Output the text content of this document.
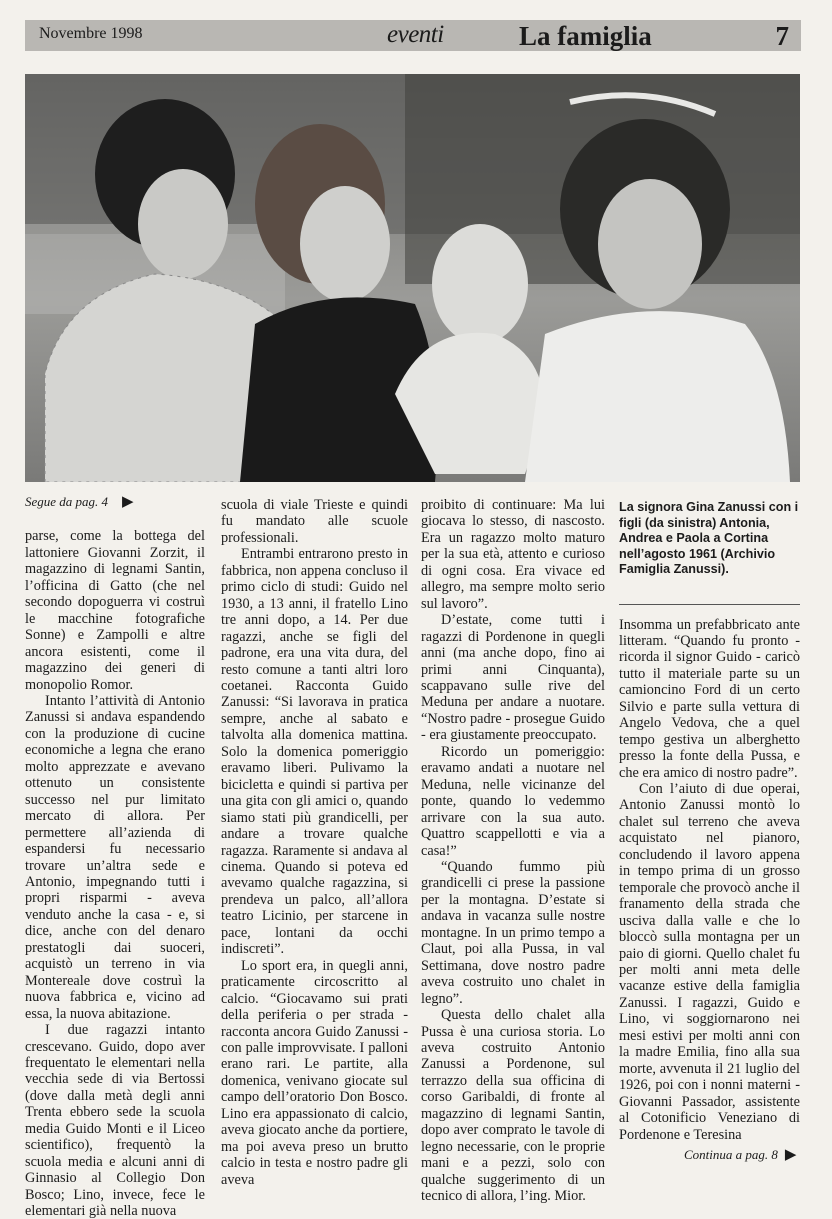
Novembre 1998	eventi	La famiglia	7
Segue da pag. 4 ▶

parse, come la bottega del lattoniere Giovanni Zorzit, il magazzino di legnami Santin, l’officina di Gatto (che nel secondo dopoguerra vi costruì le macchine fotografiche Sonne) e Zampolli e altre ancora esistenti, come il magazzino dei generi di monopolio Romor.

Intanto l’attività di Antonio Zanussi si andava espandendo con la produzione di cucine economiche a legna che erano molto apprezzate e avevano ottenuto un consistente successo nel pur limitato mercato di allora. Per permettere all’azienda di espandersi fu necessario trovare un’altra sede e Antonio, impegnando tutti i propri risparmi - aveva venduto anche la casa - e, si dice, anche con del denaro prestatogli dai suoceri, acquistò un terreno in via Montereale dove costruì la nuova fabbrica e, vicino ad essa, la nuova abitazione.

I due ragazzi intanto crescevano. Guido, dopo aver frequentato le elementari nella vecchia sede di via Bertossi (dove dalla metà degli anni Trenta ebbero sede la scuola media Guido Monti e il Liceo scientifico), frequentò la scuola media e alcuni anni di Ginnasio al Collegio Don Bosco; Lino, invece, fece le elementari già nella nuova

scuola di viale Trieste e quindi fu mandato alle scuole professionali.

Entrambi entrarono presto in fabbrica, non appena concluso il primo ciclo di studi: Guido nel 1930, a 13 anni, il fratello Lino tre anni dopo, a 14. Per due ragazzi, anche se figli del padrone, era una vita dura, del resto comune a tanti altri loro coetanei. Racconta Guido Zanussi: “Si lavorava in pratica sempre, anche al sabato e talvolta alla domenica mattina. Solo la domenica pomeriggio eravamo liberi. Pulivamo la bicicletta e quindi si partiva per una gita con gli amici o, quando siamo stati più grandicelli, per andare a trovare qualche ragazza. Raramente si andava al cinema. Quando si poteva ed avevamo qualche ragazzina, si prendeva un palco, all’allora teatro Licinio, per starcene in pace, lontani da occhi indiscreti”.

Lo sport era, in quegli anni, praticamente circoscritto al calcio. “Giocavamo sui prati della periferia o per strada - racconta ancora Guido Zanussi - con palle improvvisate. I palloni erano rari. Le partite, alla domenica, venivano giocate sul campo dell’oratorio Don Bosco. Lino era appassionato di calcio, aveva giocato anche da portiere, ma poi aveva preso un brutto calcio in testa e nostro padre gli aveva

proibito di continuare: Ma lui giocava lo stesso, di nascosto. Era un ragazzo molto maturo per la sua età, attento e curioso di ogni cosa. Era vivace ed allegro, ma sempre molto serio sul lavoro”.

D’estate, come tutti i ragazzi di Pordenone in quegli anni (ma anche dopo, fino ai primi anni Cinquanta), scappavano sulle rive del Meduna per andare a nuotare. “Nostro padre - prosegue Guido - era giustamente preoccupato.

Ricordo un pomeriggio: eravamo andati a nuotare nel Meduna, nelle vicinanze del ponte, quando lo vedemmo arrivare con la sua auto. Quattro scappellotti e via a casa!”

“Quando fummo più grandicelli ci prese la passione per la montagna. D’estate si andava in vacanza sulle nostre montagne. In un primo tempo a Claut, poi alla Pussa, in val Settimana, dove nostro padre aveva costruito uno chalet in legno”.

Questa dello chalet alla Pussa è una curiosa storia. Lo aveva costruito Antonio Zanussi a Pordenone, sul terrazzo della sua officina di corso Garibaldi, di fronte al magazzino di legnami Santin, dopo aver comprato le tavole di legno necessarie, con le proprie mani e a pezzi, solo con qualche suggerimento di un tecnico di allora, l’ing. Mior.

La signora Gina Zanussi con i figli (da sinistra) Antonia, Andrea e Paola a Cortina nell’agosto 1961 (Archivio Famiglia Zanussi).

Insomma un prefabbricato ante litteram. “Quando fu pronto - ricorda il signor Guido - caricò tutto il materiale parte su un camioncino Ford di un certo Silvio e parte sulla vettura di Angelo Vedova, che a quel tempo gestiva un alberghetto presso la fonte della Pussa, e che era amico di nostro padre”.

Con l’aiuto di due operai, Antonio Zanussi montò lo chalet sul terreno che aveva acquistato nel pianoro, concludendo il lavoro appena in tempo prima di un grosso temporale che provocò anche il franamento della strada che usciva dalla valle e che lo bloccò sulla montagna per un paio di giorni. Quello chalet fu per molti anni meta delle vacanze estive della famiglia Zanussi. I ragazzi, Guido e Lino, vi soggiornarono nei mesi estivi per molti anni con la madre Emilia, fino alla sua morte, avvenuta il 21 luglio del 1926, poi con i nonni materni - Giovanni Passador, assistente al Cotonificio Veneziano di Pordenone e Teresina

Continua a pag. 8 ▶
